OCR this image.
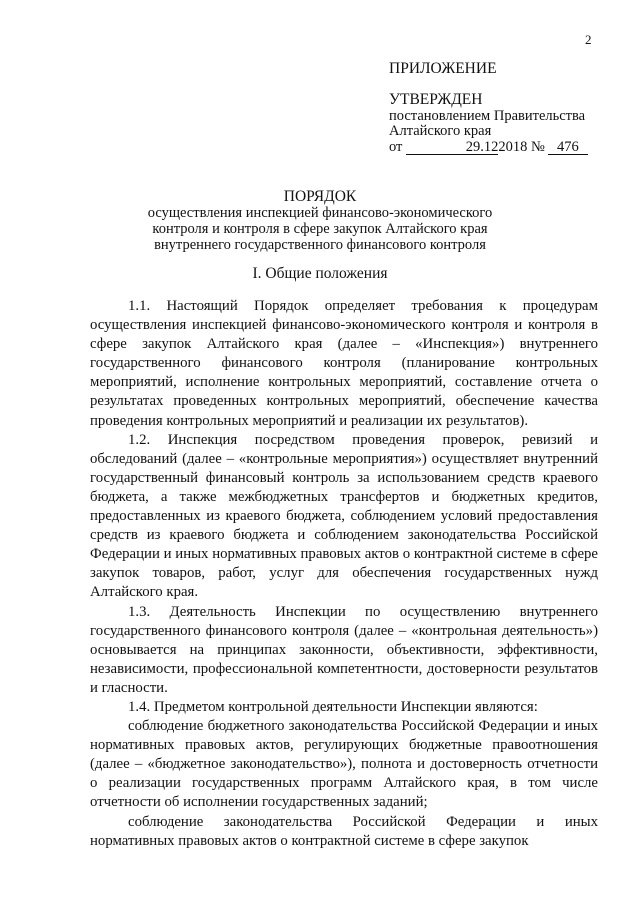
2
ПРИЛОЖЕНИЕ
УТВЕРЖДЕН
постановлением Правительства
Алтайского края
от	29.122018 № 476
ПОРЯДОК
осуществления инспекцией финансово-экономического
контроля и контроля в сфере закупок Алтайского края
внутреннего государственного финансового контроля
I. Общие положения

1.1. Настоящий Порядок определяет требования к процедурам осуществления инспекцией финансово-экономического контроля и контроля в сфере закупок Алтайского края (далее – «Инспекция») внутреннего государственного финансового контроля (планирование контрольных мероприятий, исполнение контрольных мероприятий, составление отчета о результатах проведенных контрольных мероприятий, обеспечение качества проведения контрольных мероприятий и реализации их результатов).

1.2. Инспекция посредством проведения проверок, ревизий и обследований (далее – «контрольные мероприятия») осуществляет внутренний государственный финансовый контроль за использованием средств краевого бюджета, а также межбюджетных трансфертов и бюджетных кредитов, предоставленных из краевого бюджета, соблюдением условий предоставления средств из краевого бюджета и соблюдением законодательства Российской Федерации и иных нормативных правовых актов о контрактной системе в сфере закупок товаров, работ, услуг для обеспечения государственных нужд Алтайского края.

1.3. Деятельность Инспекции по осуществлению внутреннего государственного финансового контроля (далее – «контрольная деятельность») основывается на принципах законности, объективности, эффективности, независимости, профессиональной компетентности, достоверности результатов и гласности.

1.4. Предметом контрольной деятельности Инспекции являются:

соблюдение бюджетного законодательства Российской Федерации и иных нормативных правовых актов, регулирующих бюджетные правоотношения (далее – «бюджетное законодательство»), полнота и достоверность отчетности о реализации государственных программ Алтайского края, в том числе отчетности об исполнении государственных заданий;

соблюдение законодательства Российской Федерации и иных нормативных правовых актов о контрактной системе в сфере закупок
